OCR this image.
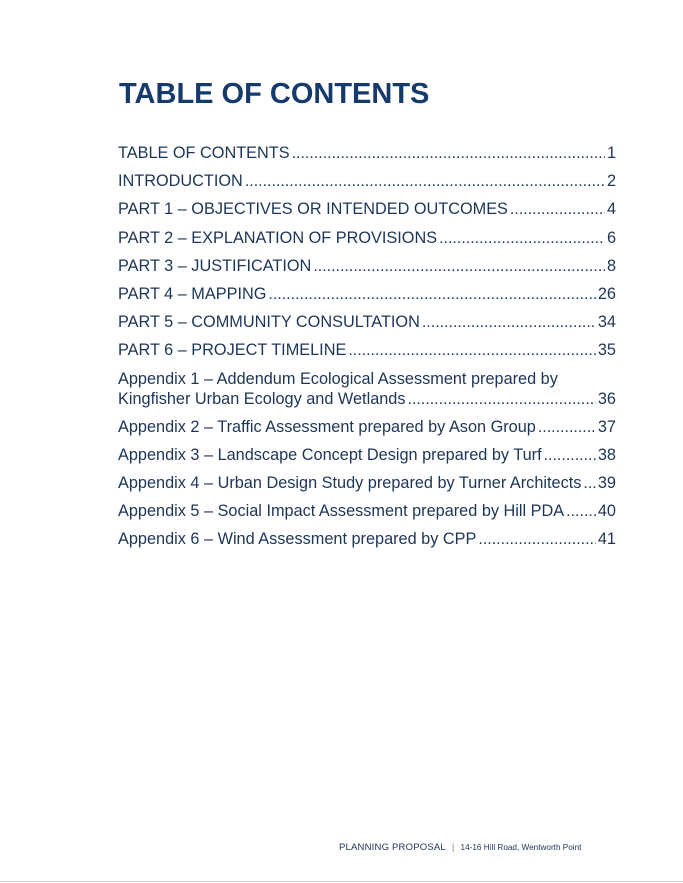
TABLE OF CONTENTS
TABLE OF CONTENTS .....	1
INTRODUCTION .....	2
PART 1 – OBJECTIVES OR INTENDED OUTCOMES .....	4
PART 2 – EXPLANATION OF PROVISIONS .....	6
PART 3 – JUSTIFICATION .....	8
PART 4 – MAPPING .....	26
PART 5 – COMMUNITY CONSULTATION .....	34
PART 6 – PROJECT TIMELINE .....	35
Appendix 1 – Addendum Ecological Assessment prepared by
Kingfisher Urban Ecology and Wetlands .....	36
Appendix 2 – Traffic Assessment prepared by Ason Group .....	37
Appendix 3 – Landscape Concept Design prepared by Turf .....	38
Appendix 4 – Urban Design Study prepared by Turner Architects ..... 39
Appendix 5 – Social Impact Assessment prepared by Hill PDA ..... 40
Appendix 6 – Wind Assessment prepared by CPP .....	41
PLANNING PROPOSAL | 14-16 Hill Road, Wentworth Point
